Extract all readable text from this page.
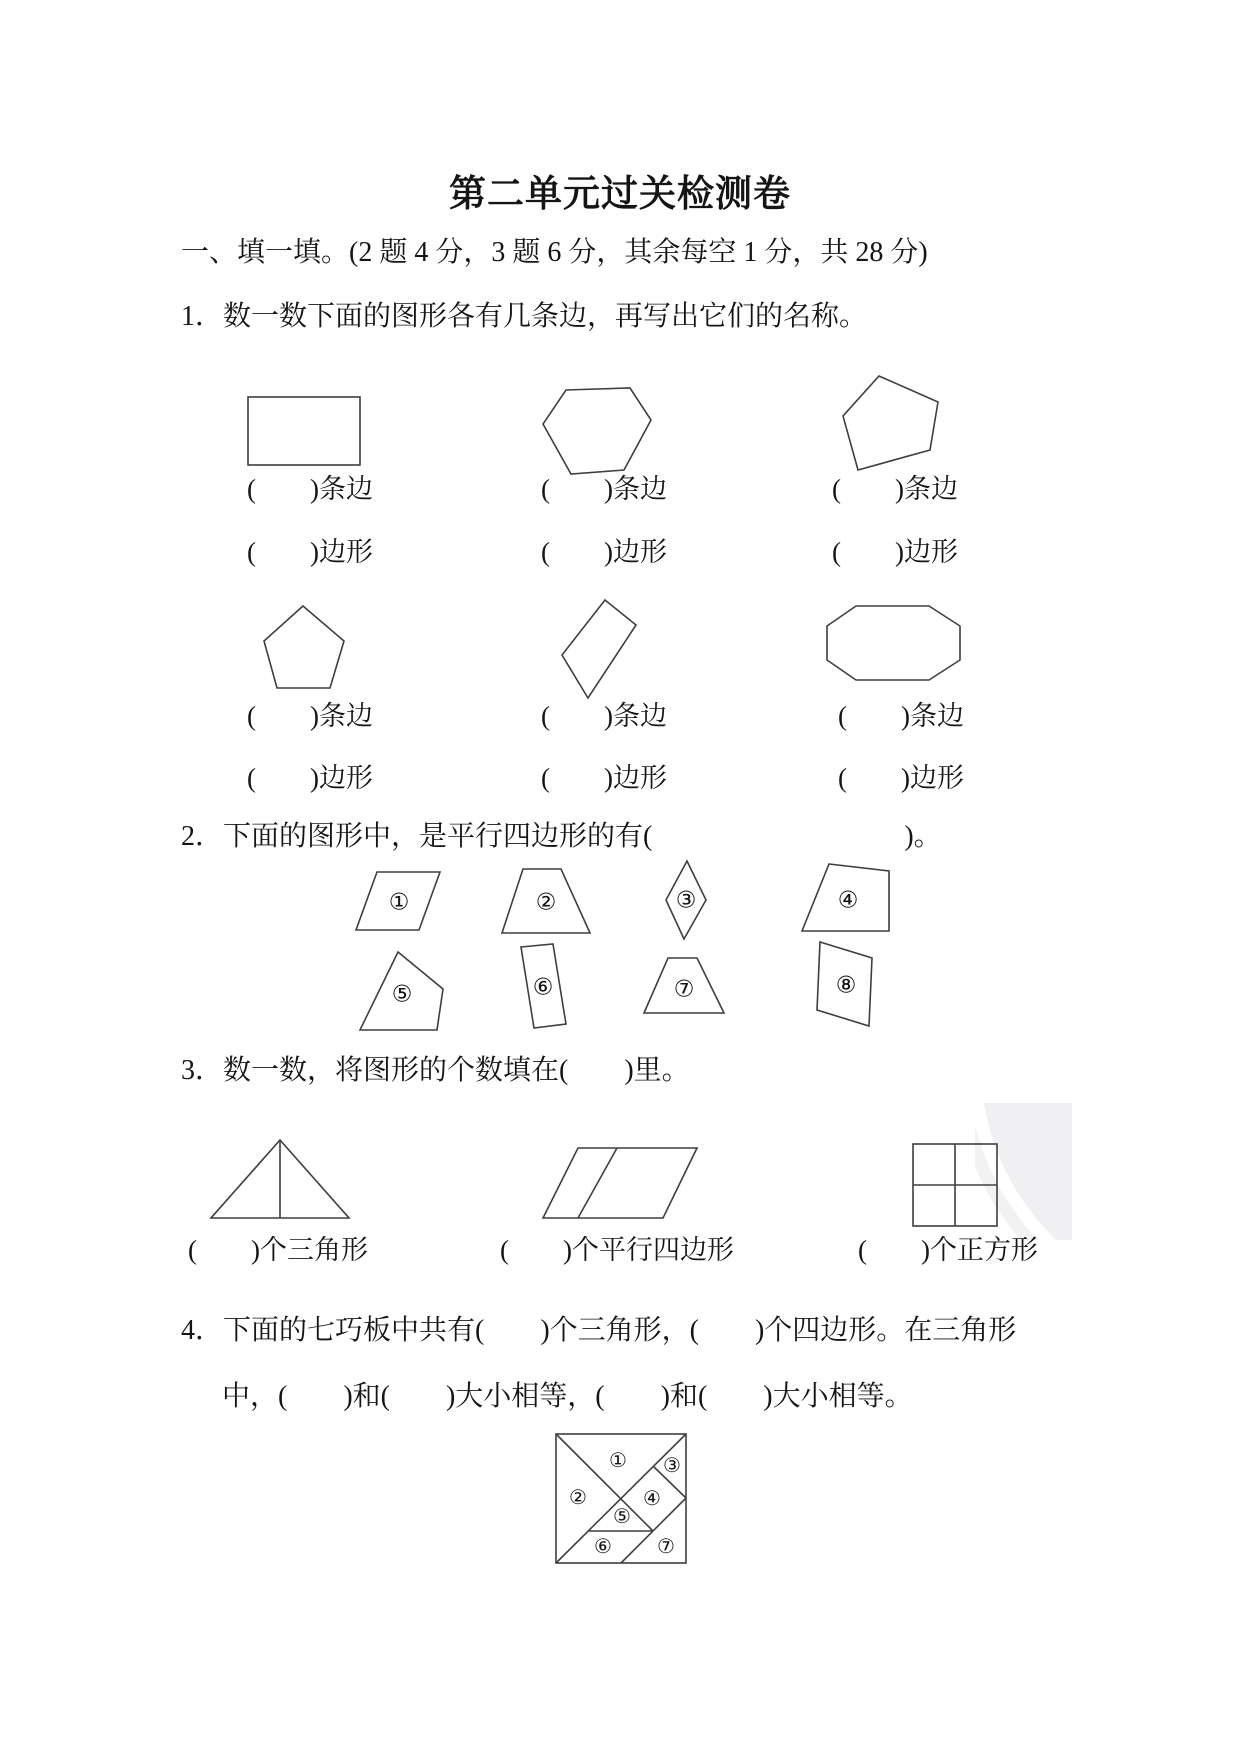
第二单元过关检测卷
一、填一填。(2 题 4 分，3 题 6 分，其余每空 1 分，共 28 分)
1．数一数下面的图形各有几条边，再写出它们的名称。
(　　)条边	(　　)条边	(　　)条边
(　　)边形	(　　)边形	(　　)边形
(　　)条边	(　　)条边	(　　)条边
(　　)边形	(　　)边形	(　　)边形
2．下面的图形中，是平行四边形的有(	)。
①	②	③	④
⑤	⑥	⑦	⑧
3．数一数，将图形的个数填在(　　)里。
(　　)个三角形	(　　)个平行四边形	(　　)个正方形
4．下面的七巧板中共有(　　)个三角形，(　　)个四边形。在三角形
中，(　　)和(　　)大小相等，(　　)和(　　)大小相等。
①
②
③
④
⑤
⑥ ⑦
